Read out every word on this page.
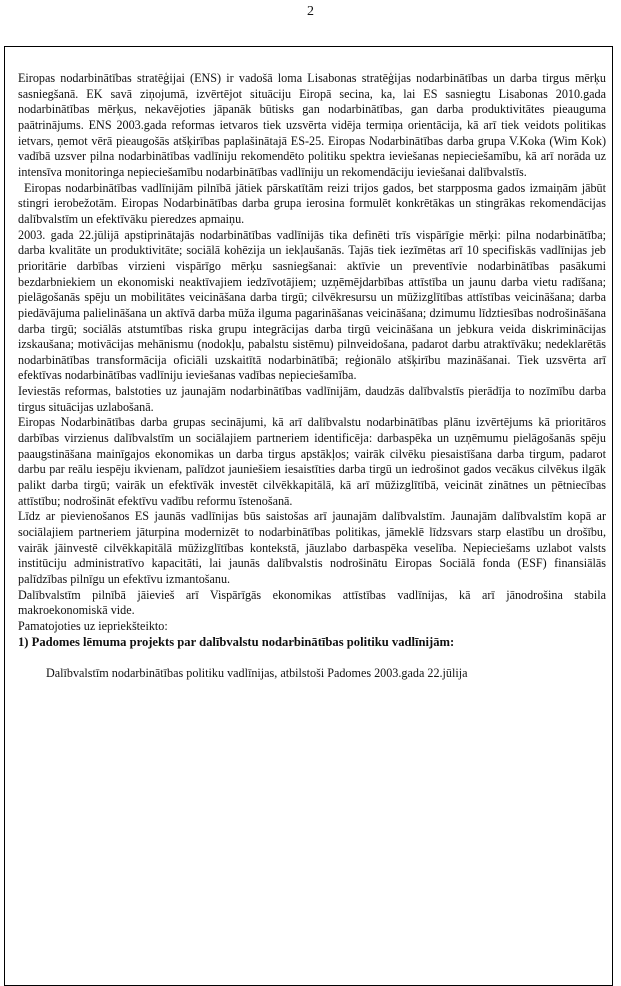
2

Eiropas nodarbinātības stratēģijai (ENS) ir vadošā loma Lisabonas stratēģijas nodarbinātības un darba tirgus mērķu sasniegšanā. EK savā ziņojumā, izvērtējot situāciju Eiropā secina, ka, lai ES sasniegtu Lisabonas 2010.gada nodarbinātības mērķus, nekavējoties jāpanāk būtisks gan nodarbinātības, gan darba produktivitātes pieauguma paātrinājums. ENS 2003.gada reformas ietvaros tiek uzsvērta vidēja termiņa orientācija, kā arī tiek veidots politikas ietvars, ņemot vērā pieaugošās atšķirības paplašinātajā ES-25. Eiropas Nodarbinātības darba grupa V.Koka (Wim Kok) vadībā uzsver pilna nodarbinātības vadlīniju rekomendēto politiku spektra ieviešanas nepieciešamību, kā arī norāda uz intensīva monitoringa nepieciešamību nodarbinātības vadlīniju un rekomendāciju ieviešanai dalībvalstīs.

Eiropas nodarbinātības vadlīnijām pilnībā jātiek pārskatītām reizi trijos gados, bet starpposma gados izmaiņām jābūt stingri ierobežotām. Eiropas Nodarbinātības darba grupa ierosina formulēt konkrētākas un stingrākas rekomendācijas dalībvalstīm un efektīvāku pieredzes apmaiņu.

2003. gada 22.jūlijā apstiprinātajās nodarbinātības vadlīnijās tika definēti trīs vispārīgie mērķi: pilna nodarbinātība; darba kvalitāte un produktivitāte; sociālā kohēzija un iekļaušanās. Tajās tiek iezīmētas arī 10 specifiskās vadlīnijas jeb prioritārie darbības virzieni vispārīgo mērķu sasniegšanai: aktīvie un preventīvie nodarbinātības pasākumi bezdarbniekiem un ekonomiski neaktīvajiem iedzīvotājiem; uzņēmējdarbības attīstība un jaunu darba vietu radīšana; pielāgošanās spēju un mobilitātes veicināšana darba tirgū; cilvēkresursu un mūžizglītības attīstības veicināšana; darba piedāvājuma palielināšana un aktīvā darba mūža ilguma pagarināšanas veicināšana; dzimumu līdztiesības nodrošināšana darba tirgū; sociālās atstumtības riska grupu integrācijas darba tirgū veicināšana un jebkura veida diskriminācijas izskaušana; motivācijas mehānismu (nodokļu, pabalstu sistēmu) pilnveidošana, padarot darbu atraktīvāku; nedeklarētās nodarbinātības transformācija oficiāli uzskaitītā nodarbinātībā; reģionālo atšķirību mazināšanai. Tiek uzsvērta arī efektīvas nodarbinātības vadlīniju ieviešanas vadības nepieciešamība.

Ieviestās reformas, balstoties uz jaunajām nodarbinātības vadlīnijām, daudzās dalībvalstīs pierādīja to nozīmību darba tirgus situācijas uzlabošanā.

Eiropas Nodarbinātības darba grupas secinājumi, kā arī dalībvalstu nodarbinātības plānu izvērtējums kā prioritāros darbības virzienus dalībvalstīm un sociālajiem partneriem identificēja: darbaspēka un uzņēmumu pielāgošanās spēju paaugstināšana mainīgajos ekonomikas un darba tirgus apstākļos; vairāk cilvēku piesaistīšana darba tirgum, padarot darbu par reālu iespēju ikvienam, palīdzot jauniešiem iesaistīties darba tirgū un iedrošinot gados vecākus cilvēkus ilgāk palikt darba tirgū; vairāk un efektīvāk investēt cilvēkkapitālā, kā arī mūžizglītībā, veicināt zinātnes un pētniecības attīstību; nodrošināt efektīvu vadību reformu īstenošanā.

Līdz ar pievienošanos ES jaunās vadlīnijas būs saistošas arī jaunajām dalībvalstīm. Jaunajām dalībvalstīm kopā ar sociālajiem partneriem jāturpina modernizēt to nodarbinātības politikas, jāmeklē līdzsvars starp elastību un drošību, vairāk jāinvestē cilvēkkapitālā mūžizglītības kontekstā, jāuzlabo darbaspēka veselība. Nepieciešams uzlabot valsts institūciju administratīvo kapacitāti, lai jaunās dalībvalstis nodrošinātu Eiropas Sociālā fonda (ESF) finansiālās palīdzības pilnīgu un efektīvu izmantošanu.

Dalībvalstīm pilnībā jāievieš arī Vispārīgās ekonomikas attīstības vadlīnijas, kā arī jānodrošina stabila makroekonomiskā vide.

Pamatojoties uz iepriekšteikto:

1) Padomes lēmuma projekts par dalībvalstu nodarbinātības politiku vadlīnijām:

Dalībvalstīm nodarbinātības politiku vadlīnijas, atbilstoši Padomes 2003.gada 22.jūlija
